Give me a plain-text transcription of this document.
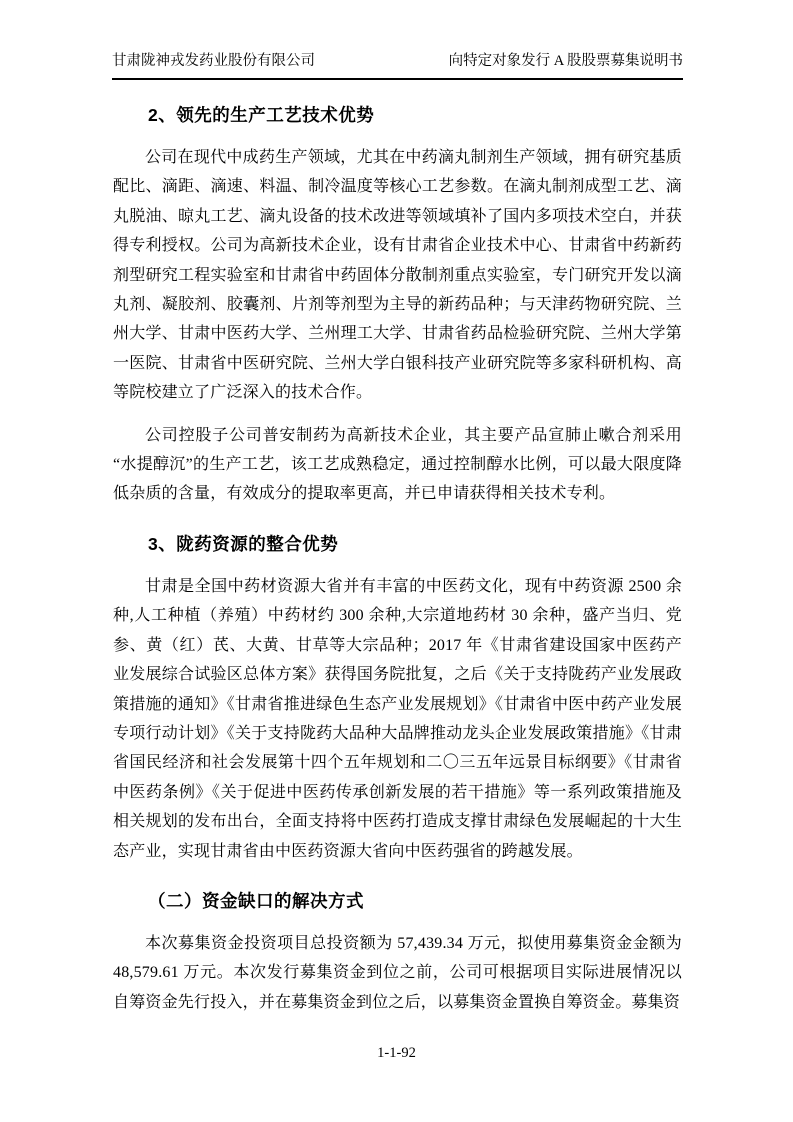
甘肃陇神戎发药业股份有限公司	向特定对象发行 A 股股票募集说明书
2、领先的生产工艺技术优势

公司在现代中成药生产领域，尤其在中药滴丸制剂生产领域，拥有研究基质配比、滴距、滴速、料温、制冷温度等核心工艺参数。在滴丸制剂成型工艺、滴丸脱油、晾丸工艺、滴丸设备的技术改进等领域填补了国内多项技术空白，并获得专利授权。公司为高新技术企业，设有甘肃省企业技术中心、甘肃省中药新药剂型研究工程实验室和甘肃省中药固体分散制剂重点实验室，专门研究开发以滴丸剂、凝胶剂、胶囊剂、片剂等剂型为主导的新药品种；与天津药物研究院、兰州大学、甘肃中医药大学、兰州理工大学、甘肃省药品检验研究院、兰州大学第一医院、甘肃省中医研究院、兰州大学白银科技产业研究院等多家科研机构、高等院校建立了广泛深入的技术合作。

公司控股子公司普安制药为高新技术企业，其主要产品宣肺止嗽合剂采用“水提醇沉”的生产工艺，该工艺成熟稳定，通过控制醇水比例，可以最大限度降低杂质的含量，有效成分的提取率更高，并已申请获得相关技术专利。

3、陇药资源的整合优势

甘肃是全国中药材资源大省并有丰富的中医药文化，现有中药资源 2500 余种,人工种植（养殖）中药材约 300 余种,大宗道地药材 30 余种，盛产当归、党参、黄（红）芪、大黄、甘草等大宗品种；2017 年《甘肃省建设国家中医药产业发展综合试验区总体方案》获得国务院批复，之后《关于支持陇药产业发展政策措施的通知》《甘肃省推进绿色生态产业发展规划》《甘肃省中医中药产业发展专项行动计划》《关于支持陇药大品种大品牌推动龙头企业发展政策措施》《甘肃省国民经济和社会发展第十四个五年规划和二〇三五年远景目标纲要》《甘肃省中医药条例》《关于促进中医药传承创新发展的若干措施》等一系列政策措施及相关规划的发布出台，全面支持将中医药打造成支撑甘肃绿色发展崛起的十大生态产业，实现甘肃省由中医药资源大省向中医药强省的跨越发展。

（二）资金缺口的解决方式

本次募集资金投资项目总投资额为 57,439.34 万元，拟使用募集资金金额为 48,579.61 万元。本次发行募集资金到位之前，公司可根据项目实际进展情况以自筹资金先行投入，并在募集资金到位之后，以募集资金置换自筹资金。募集资

1-1-92
